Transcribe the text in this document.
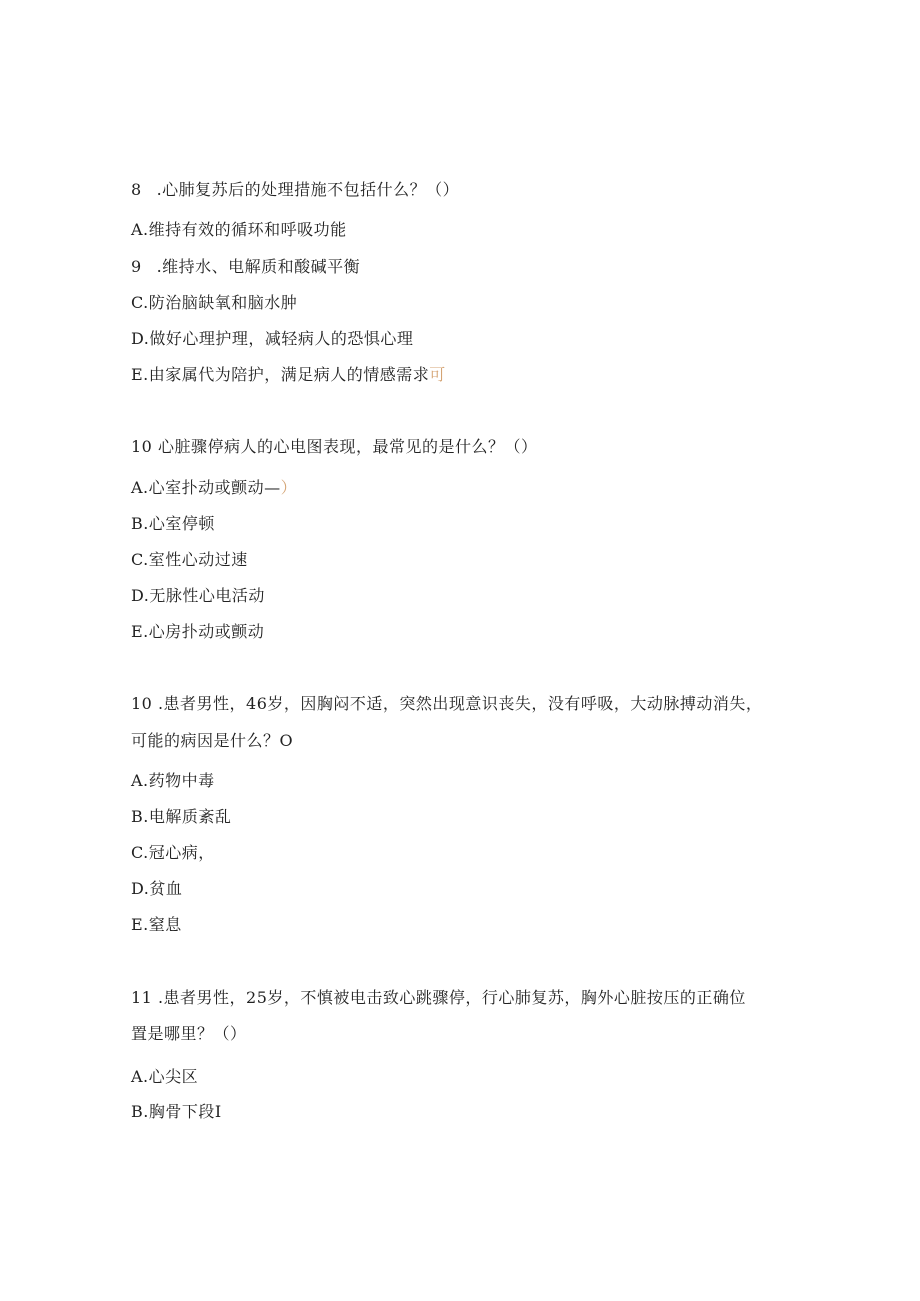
8 .心肺复苏后的处理措施不包括什么？（）
A.维持有效的循环和呼吸功能
9 .维持水、电解质和酸碱平衡
C.防治脑缺氧和脑水肿
D.做好心理护理，减轻病人的恐惧心理
E.由家属代为陪护，满足病人的情感需求可
10 心脏骤停病人的心电图表现，最常见的是什么？（）
A.心室扑动或颤动—）
B.心室停顿
C.室性心动过速
D.无脉性心电活动
E.心房扑动或颤动
10 .患者男性，46岁，因胸闷不适，突然出现意识丧失，没有呼吸，大动脉搏动消失，
可能的病因是什么？O
A.药物中毒
B.电解质紊乱
C.冠心病，
D.贫血
E.窒息
11 .患者男性，25岁，不慎被电击致心跳骤停，行心肺复苏，胸外心脏按压的正确位
置是哪里？（）
A.心尖区
B.胸骨下段I
